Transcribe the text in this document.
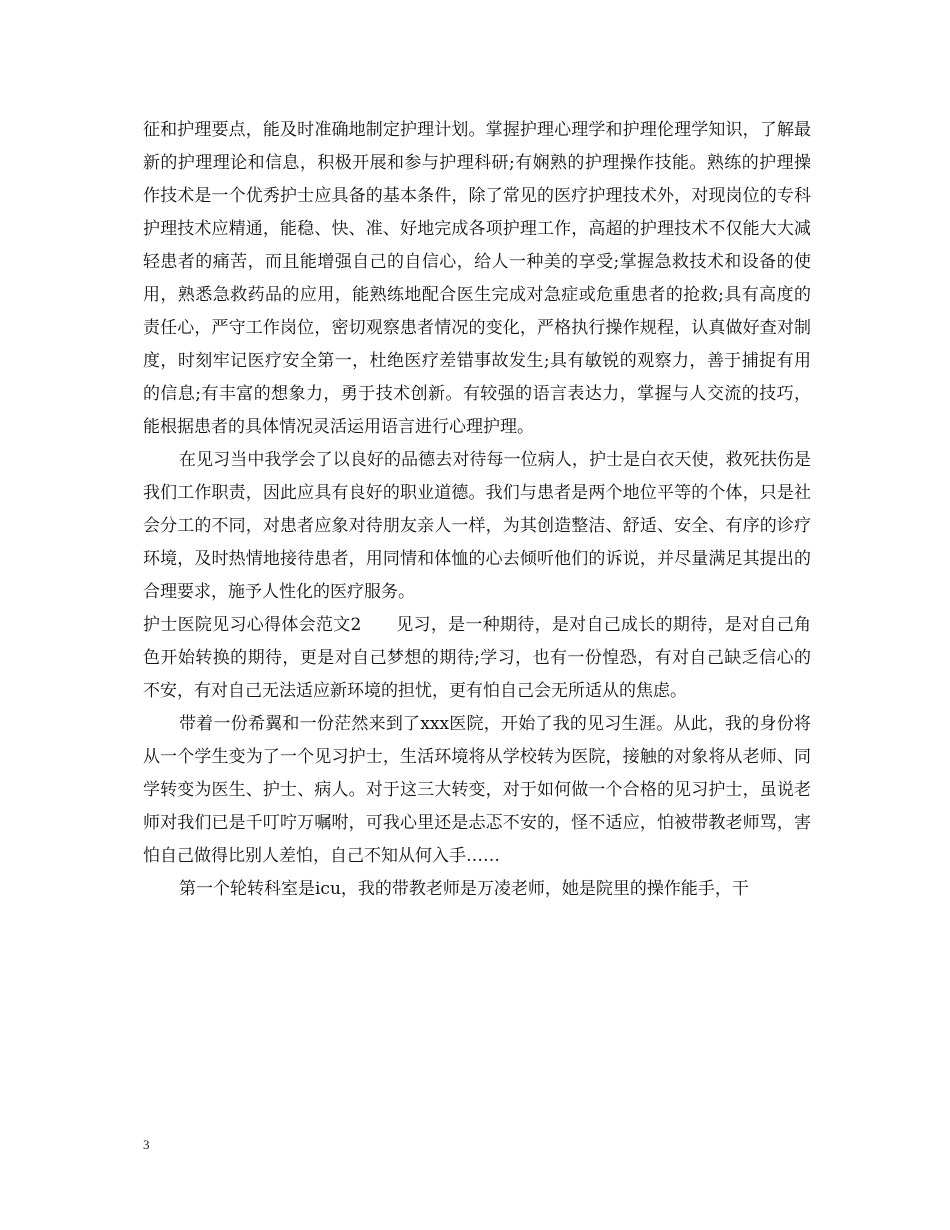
征和护理要点，能及时准确地制定护理计划。掌握护理心理学和护理伦理学知识，了解最新的护理理论和信息，积极开展和参与护理科研;有娴熟的护理操作技能。熟练的护理操作技术是一个优秀护士应具备的基本条件，除了常见的医疗护理技术外，对现岗位的专科护理技术应精通，能稳、快、准、好地完成各项护理工作，高超的护理技术不仅能大大减轻患者的痛苦，而且能增强自己的自信心，给人一种美的享受;掌握急救技术和设备的使用，熟悉急救药品的应用，能熟练地配合医生完成对急症或危重患者的抢救;具有高度的责任心，严守工作岗位，密切观察患者情况的变化，严格执行操作规程，认真做好查对制度，时刻牢记医疗安全第一，杜绝医疗差错事故发生;具有敏锐的观察力，善于捕捉有用的信息;有丰富的想象力，勇于技术创新。有较强的语言表达力，掌握与人交流的技巧，能根据患者的具体情况灵活运用语言进行心理护理。

在见习当中我学会了以良好的品德去对待每一位病人，护士是白衣天使，救死扶伤是我们工作职责，因此应具有良好的职业道德。我们与患者是两个地位平等的个体，只是社会分工的不同，对患者应象对待朋友亲人一样，为其创造整洁、舒适、安全、有序的诊疗环境，及时热情地接待患者，用同情和体恤的心去倾听他们的诉说，并尽量满足其提出的合理要求，施予人性化的医疗服务。

护士医院见习心得体会范文2　　见习，是一种期待，是对自己成长的期待，是对自己角色开始转换的期待，更是对自己梦想的期待;学习，也有一份惶恐，有对自己缺乏信心的不安，有对自己无法适应新环境的担忧，更有怕自己会无所适从的焦虑。

带着一份希翼和一份茫然来到了xxx医院，开始了我的见习生涯。从此，我的身份将从一个学生变为了一个见习护士，生活环境将从学校转为医院，接触的对象将从老师、同学转变为医生、护士、病人。对于这三大转变，对于如何做一个合格的见习护士，虽说老师对我们已是千叮咛万嘱咐，可我心里还是忐忑不安的，怪不适应，怕被带教老师骂，害怕自己做得比别人差怕，自己不知从何入手……

第一个轮转科室是icu，我的带教老师是万凌老师，她是院里的操作能手，干

3
